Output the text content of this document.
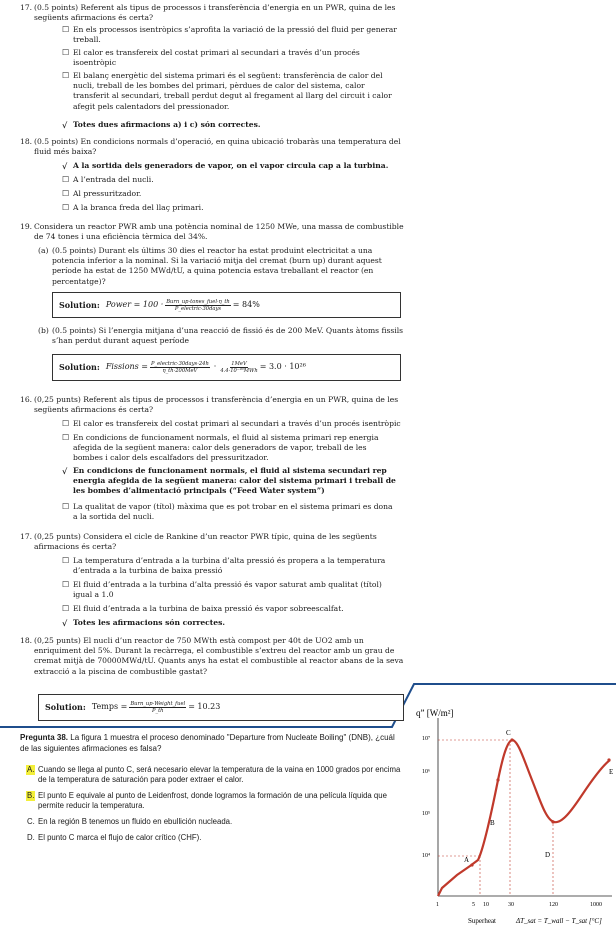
17. (0.5 points) Referent als tipus de processos i transferència d’energia en un PWR, quina de les següents afirmacions és certa?
☐ En els processos isentròpics s’aprofita la variació de la pressió del fluid per generar treball.
☐ El calor es transfereix del costat primari al secundari a través d’un procés isoentròpic
☐ El balanç energètic del sistema primari és el següent: transferència de calor del nucli, treball de les bombes del primari, pèrdues de calor del sistema, calor transferit al secundari, treball perdut degut al fregament al llarg del circuit i calor afegit pels calentadors del pressionador.
√ Totes dues afirmacions a) i c) són correctes.
18. (0.5 points) En condicions normals d’operació, en quina ubicació trobaràs una temperatura del fluid més baixa?
√ A la sortida dels generadors de vapor, on el vapor circula cap a la turbina.
☐ A l’entrada del nucli.
☐ Al pressuritzador.
☐ A la branca freda del llaç primari.
19. Considera un reactor PWR amb una potència nominal de 1250 MWe, una massa de combustible de 74 tones i una eficiència tèrmica del 34%.
(a) (0.5 points) Durant els últims 30 dies el reactor ha estat produint electricitat a una potencia inferior a la nominal. Si la variació mitja del cremat (burn up) durant aquest període ha estat de 1250 MWd/tU, a quina potencia estava treballant el reactor (en percentatge)?
Solution: Power = $100 \cdot \frac{\text{Burn\_up·tones\_fuel·η\_th}}{\text{P\_electric·30days}} = 84\%$
(b) (0.5 points) Si l’energia mitjana d’una reacció de fissió és de 200 MeV. Quants àtoms fissils s’han perdut durant aquest període
Solution: Fissions = $\frac{\text{P\_electric·30days·24h}}{\text{η\_th·200MeV}} \cdot \frac{\text{1MeV}}{\text{4.4·10⁻²⁰MWh}} = 3.0 \cdot 10^{26}$
16. (0,25 punts) Referent als tipus de processos i transferència d’energia en un PWR, quina de les següents afirmacions és certa?
☐ El calor es transfereix del costat primari al secundari a través d’un procés isentròpic
☐ En condicions de funcionament normals, el fluid al sistema primari rep energia afegida de la següent manera: calor dels generadors de vapor, treball de les bombes i calor dels escalfadors del pressuritzador.
√ En condicions de funcionament normals, el fluid al sistema secundari rep energia afegida de la següent manera: calor del sistema primari i treball de les bombes d’alimentació principals (“Feed Water system”)
☐ La qualitat de vapor (títol) màxima que es pot trobar en el sistema primari es dona a la sortida del nucli.
17. (0,25 punts) Considera el cicle de Rankine d’un reactor PWR típic, quina de les següents afirmacions és certa?
☐ La temperatura d’entrada a la turbina d’alta pressió és propera a la temperatura d’entrada a la turbina de baixa pressió
☐ El fluid d’entrada a la turbina d’alta pressió és vapor saturat amb qualitat (títol) igual a 1.0
☐ El fluid d’entrada a la turbina de baixa pressió és vapor sobreescalfat.
√ Totes les afirmacions són correctes.
18. (0,25 punts) El nucli d’un reactor de 750 MWth està compost per 40t de UO2 amb un enriquiment del 5%. Durant la recàrrega, el combustible s’extreu del reactor amb un grau de cremat mitjà de 70000MWd/tU. Quants anys ha estat el combustible al reactor abans de la seva extracció a la piscina de combustible gastat?
Solution: Temps = $\frac{\text{Burn\_up·Weight\_fuel}}{P\_th} = 10.23$
Pregunta 38. La figura 1 muestra el proceso denominado "Departure from Nucleate Boiling" (DNB), ¿cuál de las siguientes afirmaciones es falsa?
A. Cuando se llega al punto C, será necesario elevar la temperatura de la vaina en 1000 grados por encima de la temperatura de saturación para poder extraer el calor.
B. El punto E equivale al punto de Leidenfrost, donde logramos la formación de una película líquida que permite reducir la temperatura.
C. En la región B tenemos un fluido en ebullición nucleada.
D. El punto C marca el flujo de calor crítico (CHF).
q” [W/m²]
10⁷
10⁶
10⁵
10⁴
1	5 10	30	120	1000
Superheat	ΔT_sat = T_wall − T_sat [°C]
A
B
C
D
E
